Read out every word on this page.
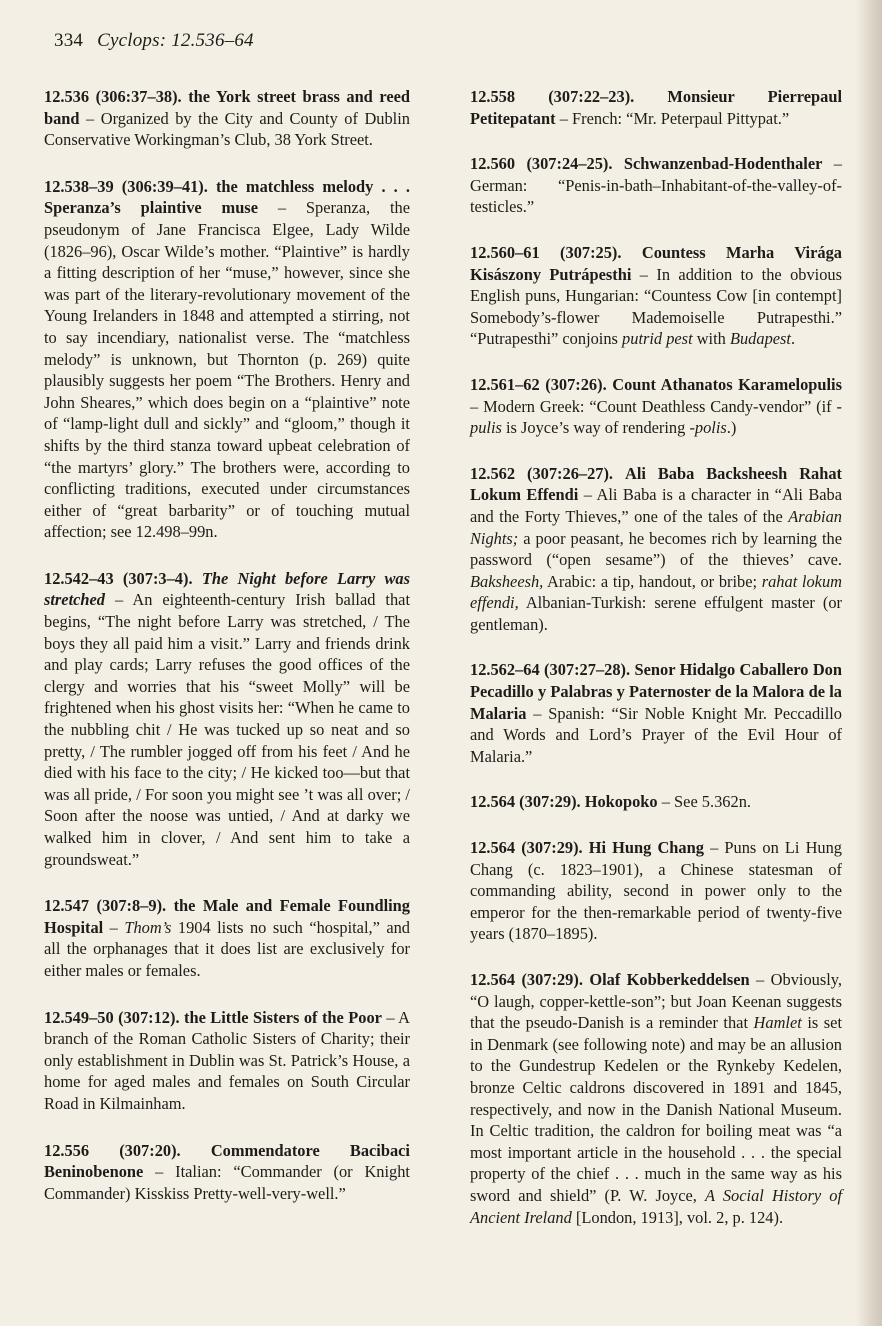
334 Cyclops: 12.536–64

12.536 (306:37–38). the York street brass and reed band – Organized by the City and County of Dublin Conservative Workingman’s Club, 38 York Street.

12.538–39 (306:39–41). the matchless melody . . . Speranza’s plaintive muse – Speranza, the pseudonym of Jane Francisca Elgee, Lady Wilde (1826–96), Oscar Wilde’s mother. “Plaintive” is hardly a fitting description of her “muse,” however, since she was part of the literary-revolutionary movement of the Young Irelanders in 1848 and attempted a stirring, not to say incendiary, nationalist verse. The “matchless melody” is unknown, but Thornton (p. 269) quite plausibly suggests her poem “The Brothers. Henry and John Sheares,” which does begin on a “plaintive” note of “lamp-light dull and sickly” and “gloom,” though it shifts by the third stanza toward upbeat celebration of “the martyrs’ glory.” The brothers were, according to conflicting traditions, executed under circumstances either of “great barbarity” or of touching mutual affection; see 12.498–99n.

12.542–43 (307:3–4). The Night before Larry was stretched – An eighteenth-century Irish ballad that begins, “The night before Larry was stretched, / The boys they all paid him a visit.” Larry and friends drink and play cards; Larry refuses the good offices of the clergy and worries that his “sweet Molly” will be frightened when his ghost visits her: “When he came to the nubbling chit / He was tucked up so neat and so pretty, / The rumbler jogged off from his feet / And he died with his face to the city; / He kicked too—but that was all pride, / For soon you might see ’t was all over; / Soon after the noose was untied, / And at darky we walked him in clover, / And sent him to take a groundsweat.”

12.547 (307:8–9). the Male and Female Foundling Hospital – Thom’s 1904 lists no such “hospital,” and all the orphanages that it does list are exclusively for either males or females.

12.549–50 (307:12). the Little Sisters of the Poor – A branch of the Roman Catholic Sisters of Charity; their only establishment in Dublin was St. Patrick’s House, a home for aged males and females on South Circular Road in Kilmainham.

12.556 (307:20). Commendatore Bacibaci Beninobenone – Italian: “Commander (or Knight Commander) Kisskiss Pretty-well-very-well.”

12.558 (307:22–23). Monsieur Pierrepaul Petitepatant – French: “Mr. Peterpaul Pittypat.”

12.560 (307:24–25). Schwanzenbad-Hodenthaler – German: “Penis-in-bath–Inhabitant-of-the-valley-of-testicles.”

12.560–61 (307:25). Countess Marha Virága Kisászony Putrápesthi – In addition to the obvious English puns, Hungarian: “Countess Cow [in contempt] Somebody’s-flower Mademoiselle Putrapesthi.” “Putrapesthi” conjoins putrid pest with Budapest.

12.561–62 (307:26). Count Athanatos Karamelopulis – Modern Greek: “Count Deathless Candy-vendor” (if -pulis is Joyce’s way of rendering -polis.)

12.562 (307:26–27). Ali Baba Backsheesh Rahat Lokum Effendi – Ali Baba is a character in “Ali Baba and the Forty Thieves,” one of the tales of the Arabian Nights; a poor peasant, he becomes rich by learning the password (“open sesame”) of the thieves’ cave. Baksheesh, Arabic: a tip, handout, or bribe; rahat lokum effendi, Albanian-Turkish: serene effulgent master (or gentleman).

12.562–64 (307:27–28). Senor Hidalgo Caballero Don Pecadillo y Palabras y Paternoster de la Malora de la Malaria – Spanish: “Sir Noble Knight Mr. Peccadillo and Words and Lord’s Prayer of the Evil Hour of Malaria.”

12.564 (307:29). Hokopoko – See 5.362n.

12.564 (307:29). Hi Hung Chang – Puns on Li Hung Chang (c. 1823–1901), a Chinese statesman of commanding ability, second in power only to the emperor for the then-remarkable period of twenty-five years (1870–1895).

12.564 (307:29). Olaf Kobberkeddelsen – Obviously, “O laugh, copper-kettle-son”; but Joan Keenan suggests that the pseudo-Danish is a reminder that Hamlet is set in Denmark (see following note) and may be an allusion to the Gundestrup Kedelen or the Rynkeby Kedelen, bronze Celtic caldrons discovered in 1891 and 1845, respectively, and now in the Danish National Museum. In Celtic tradition, the caldron for boiling meat was “a most important article in the household . . . the special property of the chief . . . much in the same way as his sword and shield” (P. W. Joyce, A Social History of Ancient Ireland [London, 1913], vol. 2, p. 124).
